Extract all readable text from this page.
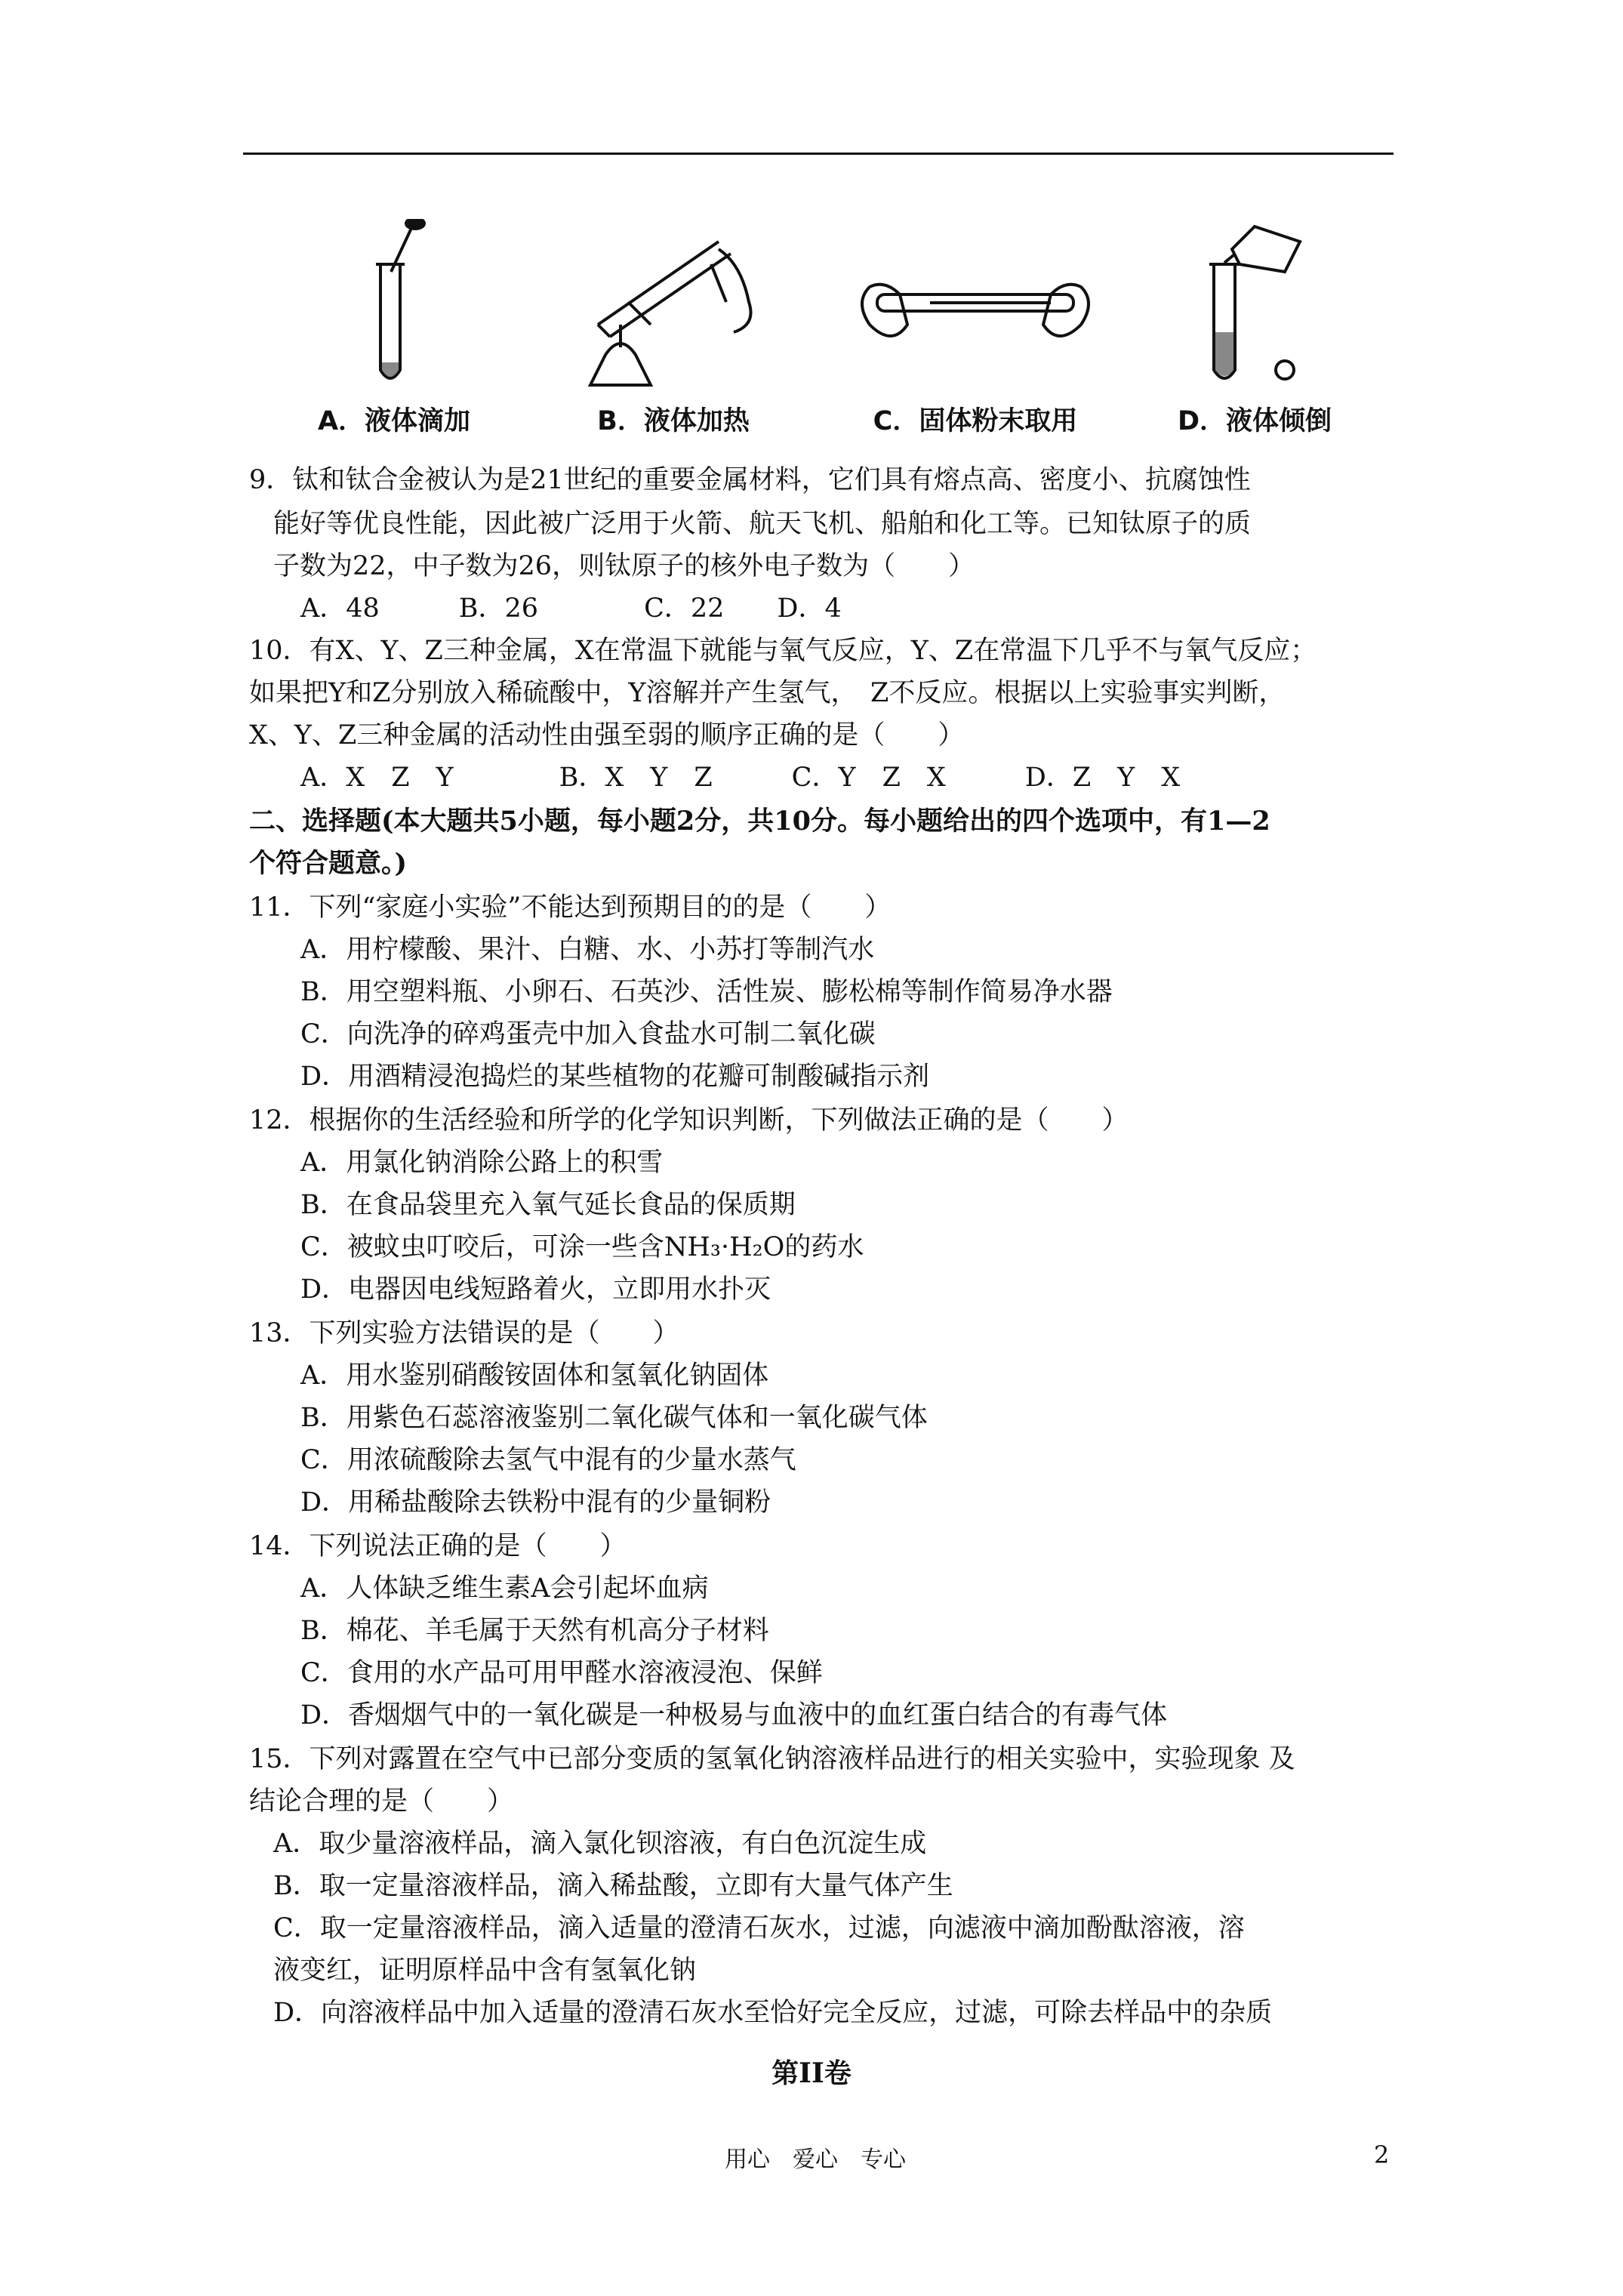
A．液体滴加	B．液体加热	C．固体粉末取用	D．液体倾倒
9．钛和钛合金被认为是21世纪的重要金属材料，它们具有熔点高、密度小、抗腐蚀性
能好等优良性能，因此被广泛用于火箭、航天飞机、船舶和化工等。已知钛原子的质
子数为22，中子数为26，则钛原子的核外电子数为（　　）
A．48　　　B．26　　　　C．22　　D．4
10．有X、Y、Z三种金属，X在常温下就能与氧气反应，Y、Z在常温下几乎不与氧气反应；
如果把Y和Z分别放入稀硫酸中，Y溶解并产生氢气，　Z不反应。根据以上实验事实判断，
X、Y、Z三种金属的活动性由强至弱的顺序正确的是（　　）
A．X　Z　Y　　　　B．X　Y　Z　　　C．Y　Z　X　　　D．Z　Y　X
二、选择题(本大题共5小题，每小题2分，共10分。每小题给出的四个选项中，有1—2
个符合题意。)
11．下列“家庭小实验”不能达到预期目的的是（　　）
A．用柠檬酸、果汁、白糖、水、小苏打等制汽水
B．用空塑料瓶、小卵石、石英沙、活性炭、膨松棉等制作简易净水器
C．向洗净的碎鸡蛋壳中加入食盐水可制二氧化碳
D．用酒精浸泡捣烂的某些植物的花瓣可制酸碱指示剂
12．根据你的生活经验和所学的化学知识判断，下列做法正确的是（　　）
A．用氯化钠消除公路上的积雪
B．在食品袋里充入氧气延长食品的保质期
C．被蚊虫叮咬后，可涂一些含NH₃·H₂O的药水
D．电器因电线短路着火，立即用水扑灭
13．下列实验方法错误的是（　　）
A．用水鉴别硝酸铵固体和氢氧化钠固体
B．用紫色石蕊溶液鉴别二氧化碳气体和一氧化碳气体
C．用浓硫酸除去氢气中混有的少量水蒸气
D．用稀盐酸除去铁粉中混有的少量铜粉
14．下列说法正确的是（　　）
A．人体缺乏维生素A会引起坏血病
B．棉花、羊毛属于天然有机高分子材料
C．食用的水产品可用甲醛水溶液浸泡、保鲜
D．香烟烟气中的一氧化碳是一种极易与血液中的血红蛋白结合的有毒气体
15．下列对露置在空气中已部分变质的氢氧化钠溶液样品进行的相关实验中，实验现象 及
结论合理的是（　　）
A．取少量溶液样品，滴入氯化钡溶液，有白色沉淀生成
B．取一定量溶液样品，滴入稀盐酸，立即有大量气体产生
C．取一定量溶液样品，滴入适量的澄清石灰水，过滤，向滤液中滴加酚酞溶液，溶
液变红，证明原样品中含有氢氧化钠
D．向溶液样品中加入适量的澄清石灰水至恰好完全反应，过滤，可除去样品中的杂质
第II卷
用心　爱心　专心	2
